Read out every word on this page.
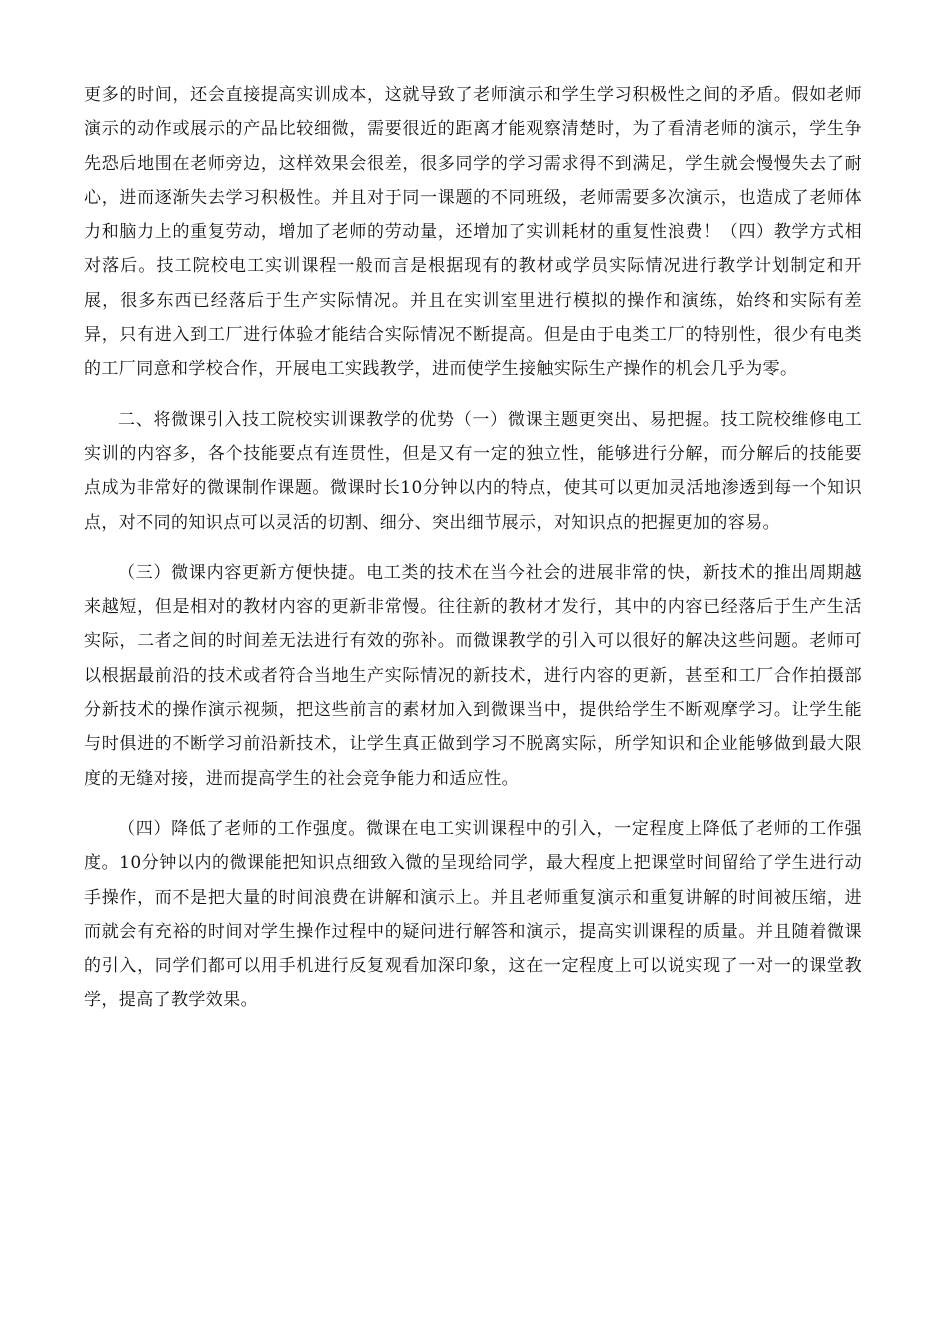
更多的时间，还会直接提高实训成本，这就导致了老师演示和学生学习积极性之间的矛盾。假如老师演示的动作或展示的产品比较细微，需要很近的距离才能观察清楚时，为了看清老师的演示，学生争先恐后地围在老师旁边，这样效果会很差，很多同学的学习需求得不到满足，学生就会慢慢失去了耐心，进而逐渐失去学习积极性。并且对于同一课题的不同班级，老师需要多次演示，也造成了老师体力和脑力上的重复劳动，增加了老师的劳动量，还增加了实训耗材的重复性浪费！（四）教学方式相对落后。技工院校电工实训课程一般而言是根据现有的教材或学员实际情况进行教学计划制定和开展，很多东西已经落后于生产实际情况。并且在实训室里进行模拟的操作和演练，始终和实际有差异，只有进入到工厂进行体验才能结合实际情况不断提高。但是由于电类工厂的特别性，很少有电类的工厂同意和学校合作，开展电工实践教学，进而使学生接触实际生产操作的机会几乎为零。

二、将微课引入技工院校实训课教学的优势（一）微课主题更突出、易把握。技工院校维修电工实训的内容多，各个技能要点有连贯性，但是又有一定的独立性，能够进行分解，而分解后的技能要点成为非常好的微课制作课题。微课时长10分钟以内的特点，使其可以更加灵活地渗透到每一个知识点，对不同的知识点可以灵活的切割、细分、突出细节展示，对知识点的把握更加的容易。

（三）微课内容更新方便快捷。电工类的技术在当今社会的进展非常的快，新技术的推出周期越来越短，但是相对的教材内容的更新非常慢。往往新的教材才发行，其中的内容已经落后于生产生活实际，二者之间的时间差无法进行有效的弥补。而微课教学的引入可以很好的解决这些问题。老师可以根据最前沿的技术或者符合当地生产实际情况的新技术，进行内容的更新，甚至和工厂合作拍摄部分新技术的操作演示视频，把这些前言的素材加入到微课当中，提供给学生不断观摩学习。让学生能与时俱进的不断学习前沿新技术，让学生真正做到学习不脱离实际，所学知识和企业能够做到最大限度的无缝对接，进而提高学生的社会竞争能力和适应性。

（四）降低了老师的工作强度。微课在电工实训课程中的引入，一定程度上降低了老师的工作强度。10分钟以内的微课能把知识点细致入微的呈现给同学，最大程度上把课堂时间留给了学生进行动手操作，而不是把大量的时间浪费在讲解和演示上。并且老师重复演示和重复讲解的时间被压缩，进而就会有充裕的时间对学生操作过程中的疑问进行解答和演示，提高实训课程的质量。并且随着微课的引入，同学们都可以用手机进行反复观看加深印象，这在一定程度上可以说实现了一对一的课堂教学，提高了教学效果。
